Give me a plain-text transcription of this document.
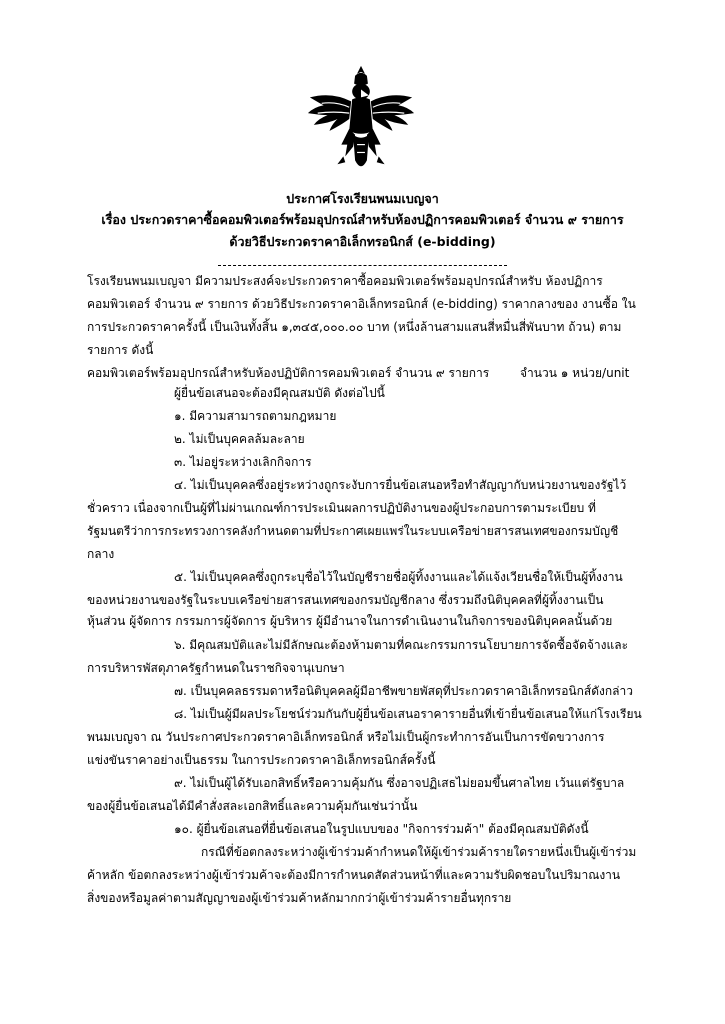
ประกาศโรงเรียนพนมเบญจา
เรื่อง ประกวดราคาซื้อคอมพิวเตอร์พร้อมอุปกรณ์สำหรับห้องปฏิการคอมพิวเตอร์ จำนวน ๙ รายการ
ด้วยวิธีประกวดราคาอิเล็กทรอนิกส์ (e-bidding)
โรงเรียนพนมเบญจา มีความประสงค์จะประกวดราคาซื้อคอมพิวเตอร์พร้อมอุปกรณ์สำหรับ ห้องปฏิการ
คอมพิวเตอร์ จำนวน ๙ รายการ ด้วยวิธีประกวดราคาอิเล็กทรอนิกส์ (e-bidding) ราคากลางของ งานซื้อ ใน
การประกวดราคาครั้งนี้ เป็นเงินทั้งสิ้น ๑,๓๔๕,๐๐๐.๐๐ บาท (หนึ่งล้านสามแสนสี่หมื่นสี่พันบาท ถ้วน) ตาม
รายการ ดังนี้
คอมพิวเตอร์พร้อมอุปกรณ์สำหรับห้องปฏิบัติการคอมพิวเตอร์ จำนวน ๙ รายการ	จำนวน ๑ หน่วย/unit
ผู้ยื่นข้อเสนอจะต้องมีคุณสมบัติ ดังต่อไปนี้
๑. มีความสามารถตามกฎหมาย
๒. ไม่เป็นบุคคลล้มละลาย
๓. ไม่อยู่ระหว่างเลิกกิจการ
๔. ไม่เป็นบุคคลซึ่งอยู่ระหว่างถูกระงับการยื่นข้อเสนอหรือทำสัญญากับหน่วยงานของรัฐไว้
ชั่วคราว เนื่องจากเป็นผู้ที่ไม่ผ่านเกณฑ์การประเมินผลการปฏิบัติงานของผู้ประกอบการตามระเบียบ ที่
รัฐมนตรีว่าการกระทรวงการคลังกำหนดตามที่ประกาศเผยแพร่ในระบบเครือข่ายสารสนเทศของกรมบัญชี
กลาง
๕. ไม่เป็นบุคคลซึ่งถูกระบุชื่อไว้ในบัญชีรายชื่อผู้ทิ้งงานและได้แจ้งเวียนชื่อให้เป็นผู้ทิ้งงาน
ของหน่วยงานของรัฐในระบบเครือข่ายสารสนเทศของกรมบัญชีกลาง ซึ่งรวมถึงนิติบุคคลที่ผู้ทิ้งงานเป็น
หุ้นส่วน ผู้จัดการ กรรมการผู้จัดการ ผู้บริหาร ผู้มีอำนาจในการดำเนินงานในกิจการของนิติบุคคลนั้นด้วย
๖. มีคุณสมบัติและไม่มีลักษณะต้องห้ามตามที่คณะกรรมการนโยบายการจัดซื้อจัดจ้างและ
การบริหารพัสดุภาครัฐกำหนดในราชกิจจานุเบกษา
๗. เป็นบุคคลธรรมดาหรือนิติบุคคลผู้มีอาชีพขายพัสดุที่ประกวดราคาอิเล็กทรอนิกส์ดังกล่าว
๘. ไม่เป็นผู้มีผลประโยชน์ร่วมกันกับผู้ยื่นข้อเสนอราคารายอื่นที่เข้ายื่นข้อเสนอให้แก่โรงเรียน
พนมเบญจา ณ วันประกาศประกวดราคาอิเล็กทรอนิกส์ หรือไม่เป็นผู้กระทำการอันเป็นการขัดขวางการ
แข่งขันราคาอย่างเป็นธรรม ในการประกวดราคาอิเล็กทรอนิกส์ครั้งนี้
๙. ไม่เป็นผู้ได้รับเอกสิทธิ์หรือความคุ้มกัน ซึ่งอาจปฏิเสธไม่ยอมขึ้นศาลไทย เว้นแต่รัฐบาล
ของผู้ยื่นข้อเสนอได้มีคำสั่งสละเอกสิทธิ์และความคุ้มกันเช่นว่านั้น
๑๐. ผู้ยื่นข้อเสนอที่ยื่นข้อเสนอในรูปแบบของ "กิจการร่วมค้า" ต้องมีคุณสมบัติดังนี้
กรณีที่ข้อตกลงระหว่างผู้เข้าร่วมค้ากำหนดให้ผู้เข้าร่วมค้ารายใดรายหนึ่งเป็นผู้เข้าร่วม
ค้าหลัก ข้อตกลงระหว่างผู้เข้าร่วมค้าจะต้องมีการกำหนดสัดส่วนหน้าที่และความรับผิดชอบในปริมาณงาน
สิ่งของหรือมูลค่าตามสัญญาของผู้เข้าร่วมค้าหลักมากกว่าผู้เข้าร่วมค้ารายอื่นทุกราย
